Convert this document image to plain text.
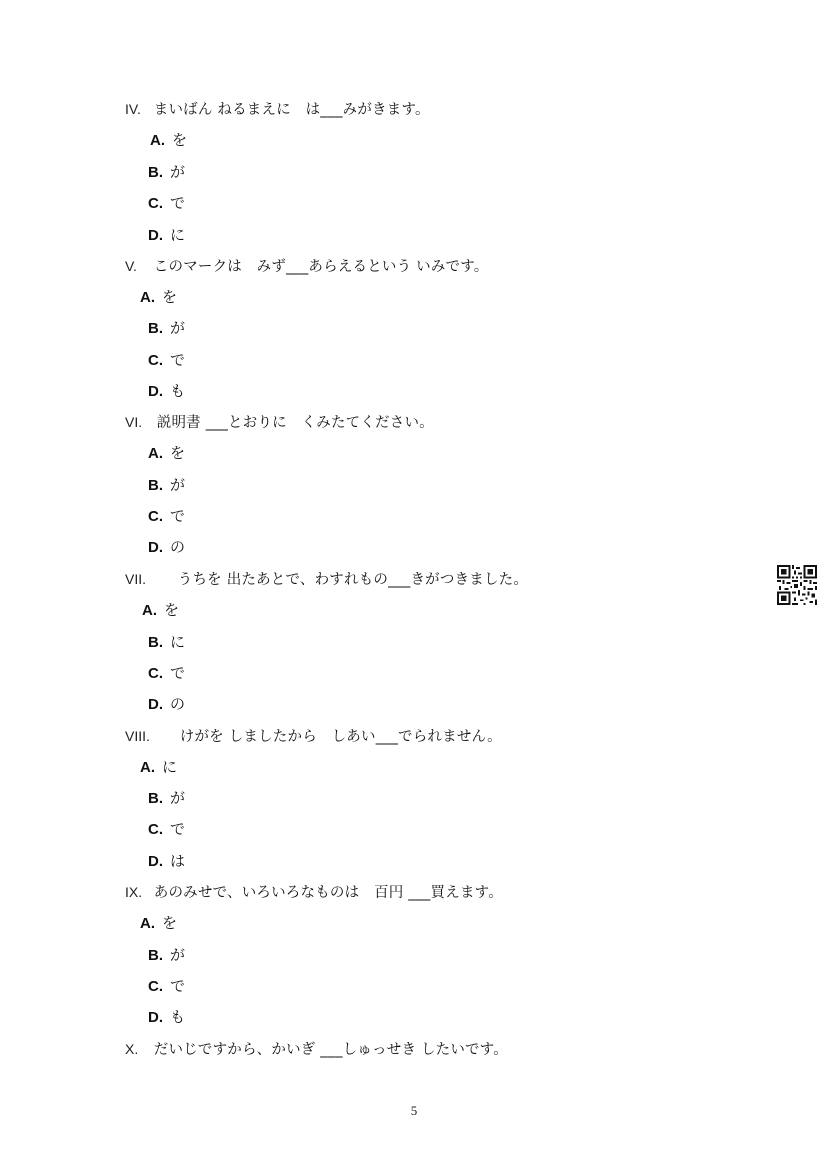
IV. まいばん ねるまえに　は___みがきます。
A. を
B. が
C. で
D. に
V. このマークは　みず___あらえるという いみです。
A. を
B. が
C. で
D. も
VI. 説明書 ___とおりに　くみたてください。
A. を
B. が
C. で
D. の
VII. うちを 出たあとで、わすれもの___きがつきました。
A. を
B. に
C. で
D. の
VIII. けがを しましたから　しあい___でられません。
A. に
B. が
C. で
D. は
IX. あのみせで、いろいろなものは　百円 ___買えます。
A. を
B. が
C. で
D. も
X. だいじですから、かいぎ ___しゅっせき したいです。
5
